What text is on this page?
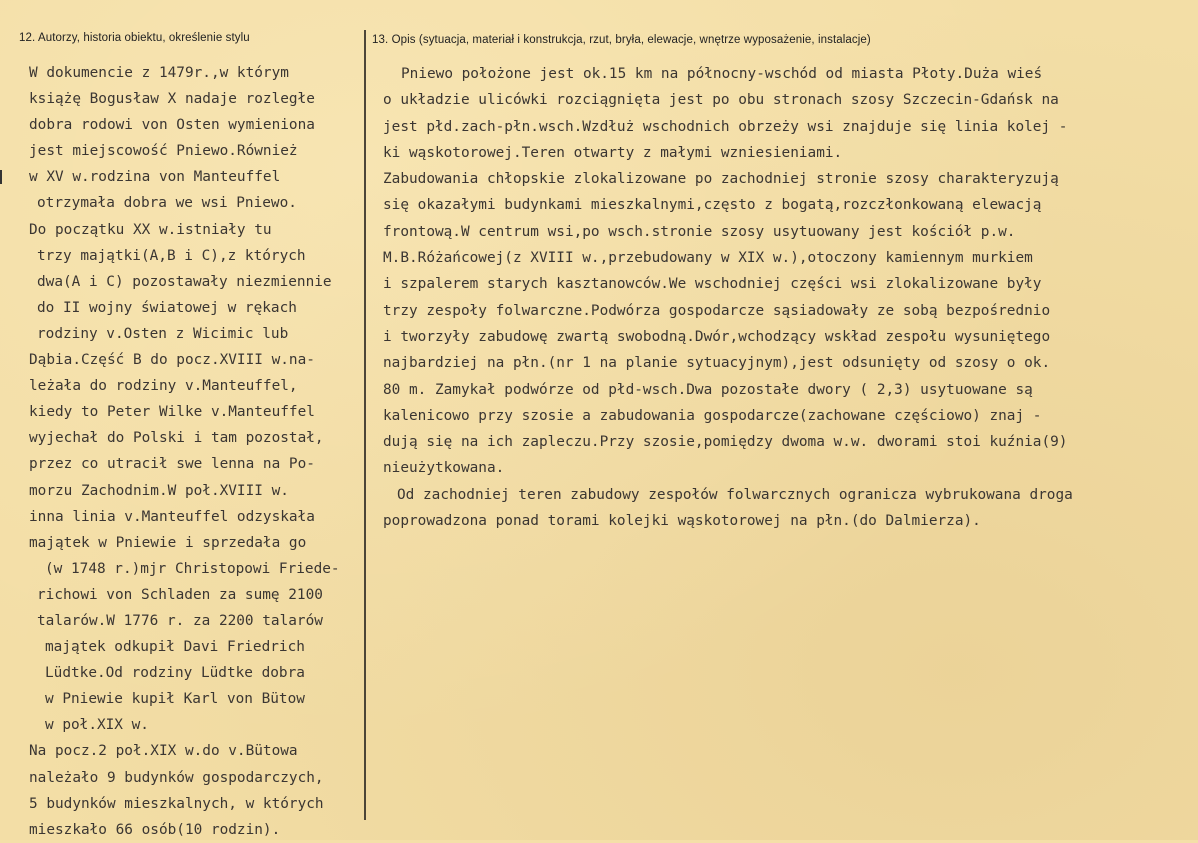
12. Autorzy, historia obiektu, określenie stylu	13. Opis (sytuacja, materiał i konstrukcja, rzut, bryła, elewacje, wnętrze wyposażenie, instalacje)
W dokumencie z 1479r.,w którym
książę Bogusław X nadaje rozległe
dobra rodowi von Osten wymieniona
jest miejscowość Pniewo.Również
w XV w.rodzina von Manteuffel
otrzymała dobra we wsi Pniewo.
Do początku XX w.istniały tu
trzy majątki(A,B i C),z których
dwa(A i C) pozostawały niezmiennie
do II wojny światowej w rękach
rodziny v.Osten z Wicimic lub
Dąbia.Część B do pocz.XVIII w.na-
leżała do rodziny v.Manteuffel,
kiedy to Peter Wilke v.Manteuffel
wyjechał do Polski i tam pozostał,
przez co utracił swe lenna na Po-
morzu Zachodnim.W poł.XVIII w.
inna linia v.Manteuffel odzyskała
majątek w Pniewie i sprzedała go
(w 1748 r.)mjr Christopowi Friede-
richowi von Schladen za sumę 2100
talarów.W 1776 r. za 2200 talarów
majątek odkupił Davi Friedrich
Lüdtke.Od rodziny Lüdtke dobra
w Pniewie kupił Karl von Bütow
w poł.XIX w.
Na pocz.2 poł.XIX w.do v.Bütowa
należało 9 budynków gospodarczych,
5 budynków mieszkalnych, w których
mieszkało 66 osób(10 rodzin).
Pniewo położone jest ok.15 km na północny-wschód od miasta Płoty.Duża wieś
o układzie ulicówki rozciągnięta jest po obu stronach szosy Szczecin-Gdańsk na
jest płd.zach-płn.wsch.Wzdłuż wschodnich obrzeży wsi znajduje się linia kolej -
ki wąskotorowej.Teren otwarty z małymi wzniesieniami.
Zabudowania chłopskie zlokalizowane po zachodniej stronie szosy charakteryzują
się okazałymi budynkami mieszkalnymi,często z bogatą,rozczłonkowaną elewacją
frontową.W centrum wsi,po wsch.stronie szosy usytuowany jest kościół p.w.
M.B.Różańcowej(z XVIII w.,przebudowany w XIX w.),otoczony kamiennym murkiem
i szpalerem starych kasztanowców.We wschodniej części wsi zlokalizowane były
trzy zespoły folwarczne.Podwórza gospodarcze sąsiadowały ze sobą bezpośrednio
i tworzyły zabudowę zwartą swobodną.Dwór,wchodzący wskład zespołu wysuniętego
najbardziej na płn.(nr 1 na planie sytuacyjnym),jest odsunięty od szosy o ok.
80 m. Zamykał podwórze od płd-wsch.Dwa pozostałe dwory ( 2,3) usytuowane są
kalenicowo przy szosie a zabudowania gospodarcze(zachowane częściowo) znaj -
dują się na ich zapleczu.Przy szosie,pomiędzy dwoma w.w. dworami stoi kuźnia(9)
nieużytkowana.
Od zachodniej teren zabudowy zespołów folwarcznych ogranicza wybrukowana droga
poprowadzona ponad torami kolejki wąskotorowej na płn.(do Dalmierza).
